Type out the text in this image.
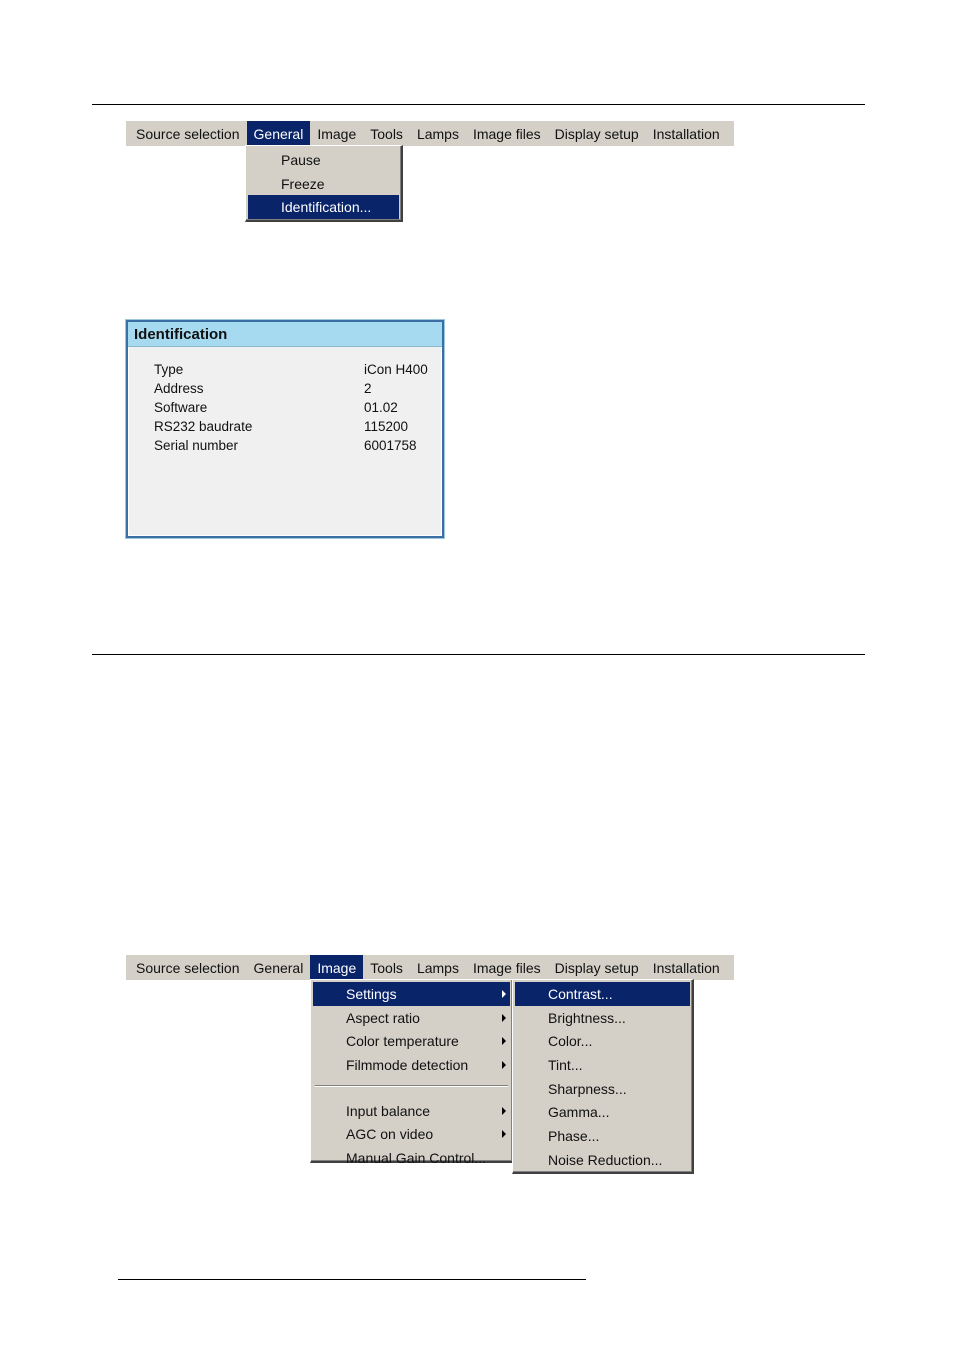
Source selection	General	Image	Tools	Lamps	Image files	Display setup	Installation
Pause
Freeze
Identification...
Identification
Type	iCon H400
Address	2
Software	01.02
RS232 baudrate	115200
Serial number	6001758
Source selection	General	Image	Tools	Lamps	Image files	Display setup	Installation
Settings
Aspect ratio
Color temperature
Filmmode detection
Input balance
AGC on video
Manual Gain Control...
Contrast...
Brightness...
Color...
Tint...
Sharpness...
Gamma...
Phase...
Noise Reduction...
